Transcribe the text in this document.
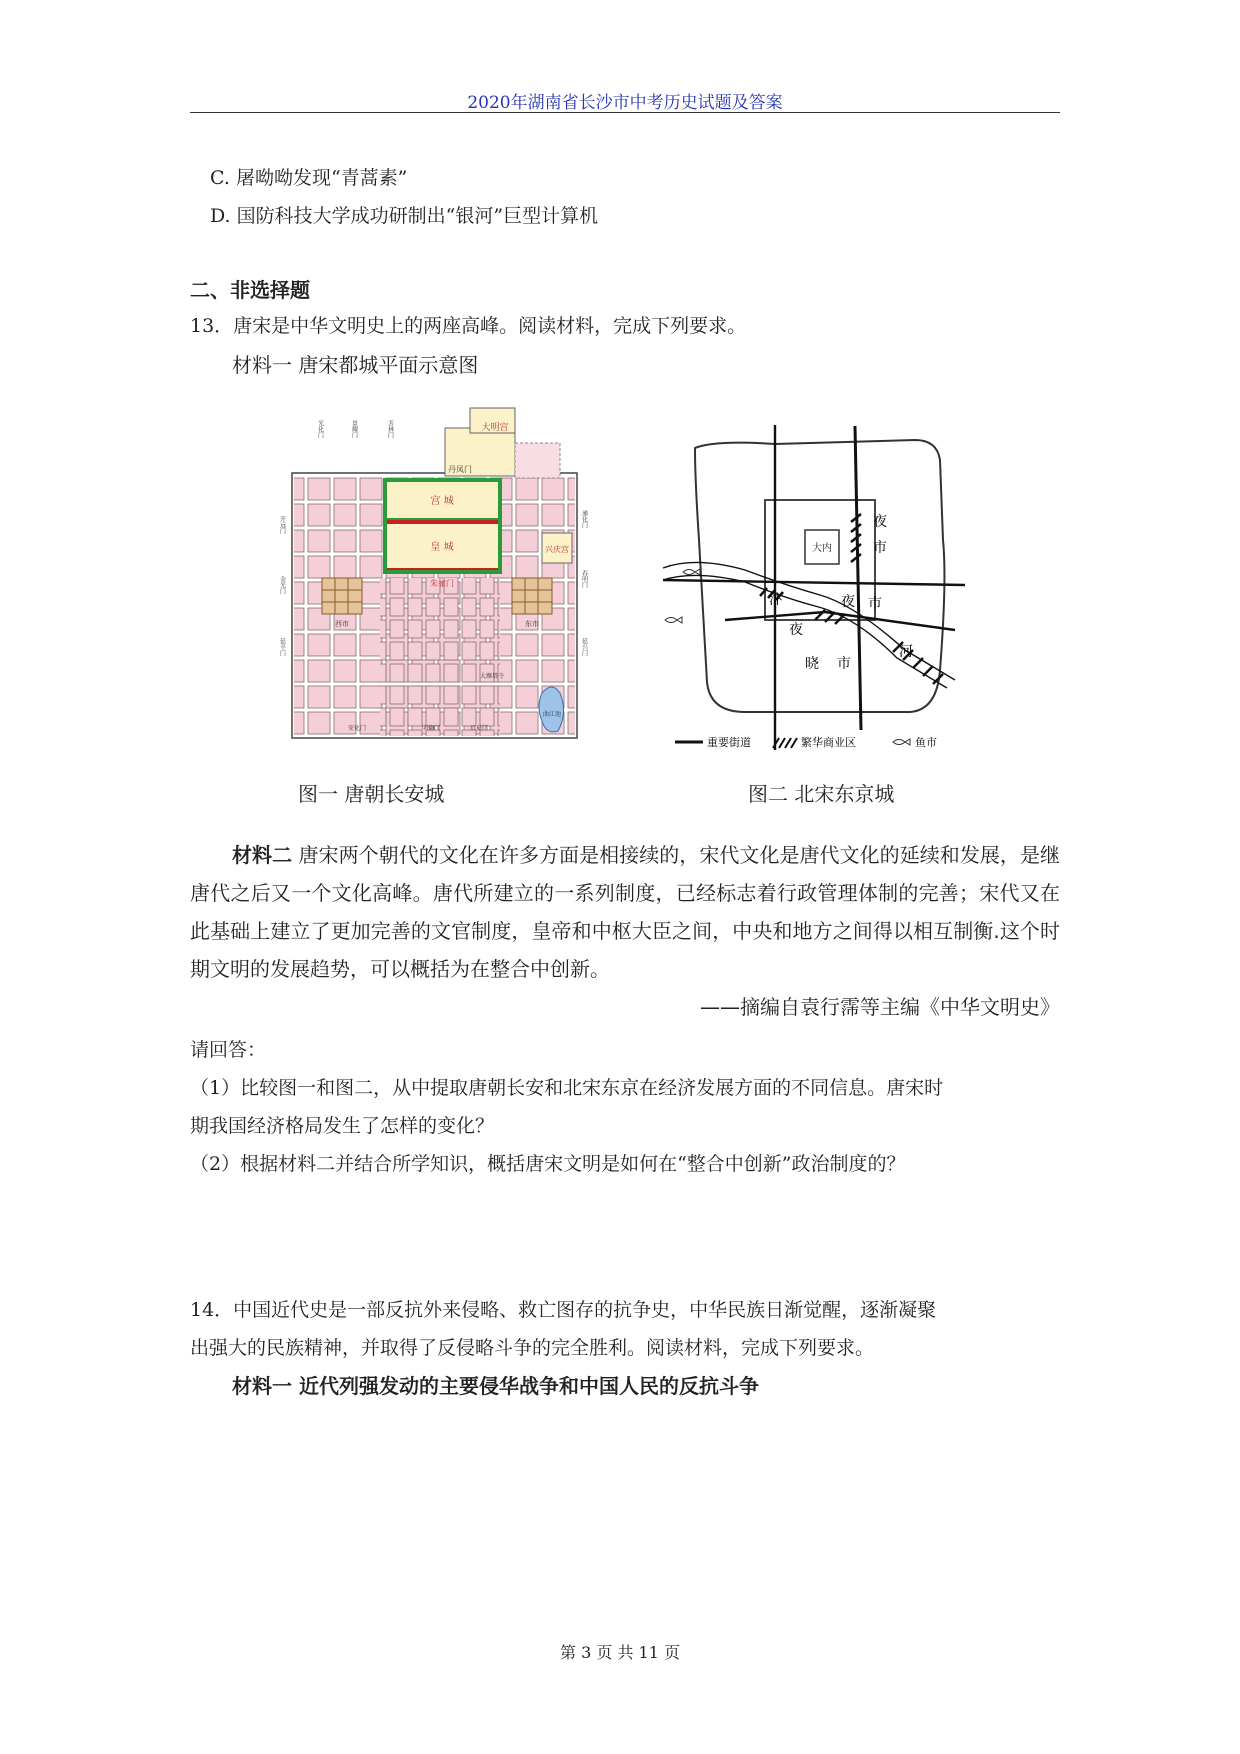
2020年湖南省长沙市中考历史试题及答案
C. 屠呦呦发现“青蒿素”
D. 国防科技大学成功研制出“银河”巨型计算机
二、非选择题
13．唐宋是中华文明史上的两座高峰。阅读材料，完成下列要求。
材料一 唐宋都城平面示意图
大明宫
丹凤门
宫 城
皇 城
朱雀门
兴庆宫
西市	东市
曲江池
大雁塔寺
安化门	明德门	启夏门
开远门
金光门
延平门
通化门
春明门
延兴门
光化门	景耀门	芳林门
大内
夜
市
夜 市
夜
汴
晓 市
河
重要街道	繁华商业区	鱼市
图一 唐朝长安城	图二 北宋东京城
材料二 唐宋两个朝代的文化在许多方面是相接续的，宋代文化是唐代文化的延续和发展，是继唐代之后又一个文化高峰。唐代所建立的一系列制度，已经标志着行政管理体制的完善；宋代又在此基础上建立了更加完善的文官制度，皇帝和中枢大臣之间，中央和地方之间得以相互制衡.这个时期文明的发展趋势，可以概括为在整合中创新。
——摘编自袁行霈等主编《中华文明史》
请回答：
（1）比较图一和图二，从中提取唐朝长安和北宋东京在经济发展方面的不同信息。唐宋时
期我国经济格局发生了怎样的变化？
（2）根据材料二并结合所学知识，概括唐宋文明是如何在“整合中创新”政治制度的？
14．中国近代史是一部反抗外来侵略、救亡图存的抗争史，中华民族日渐觉醒，逐渐凝聚
出强大的民族精神，并取得了反侵略斗争的完全胜利。阅读材料，完成下列要求。
材料一 近代列强发动的主要侵华战争和中国人民的反抗斗争
第 3 页 共 11 页
